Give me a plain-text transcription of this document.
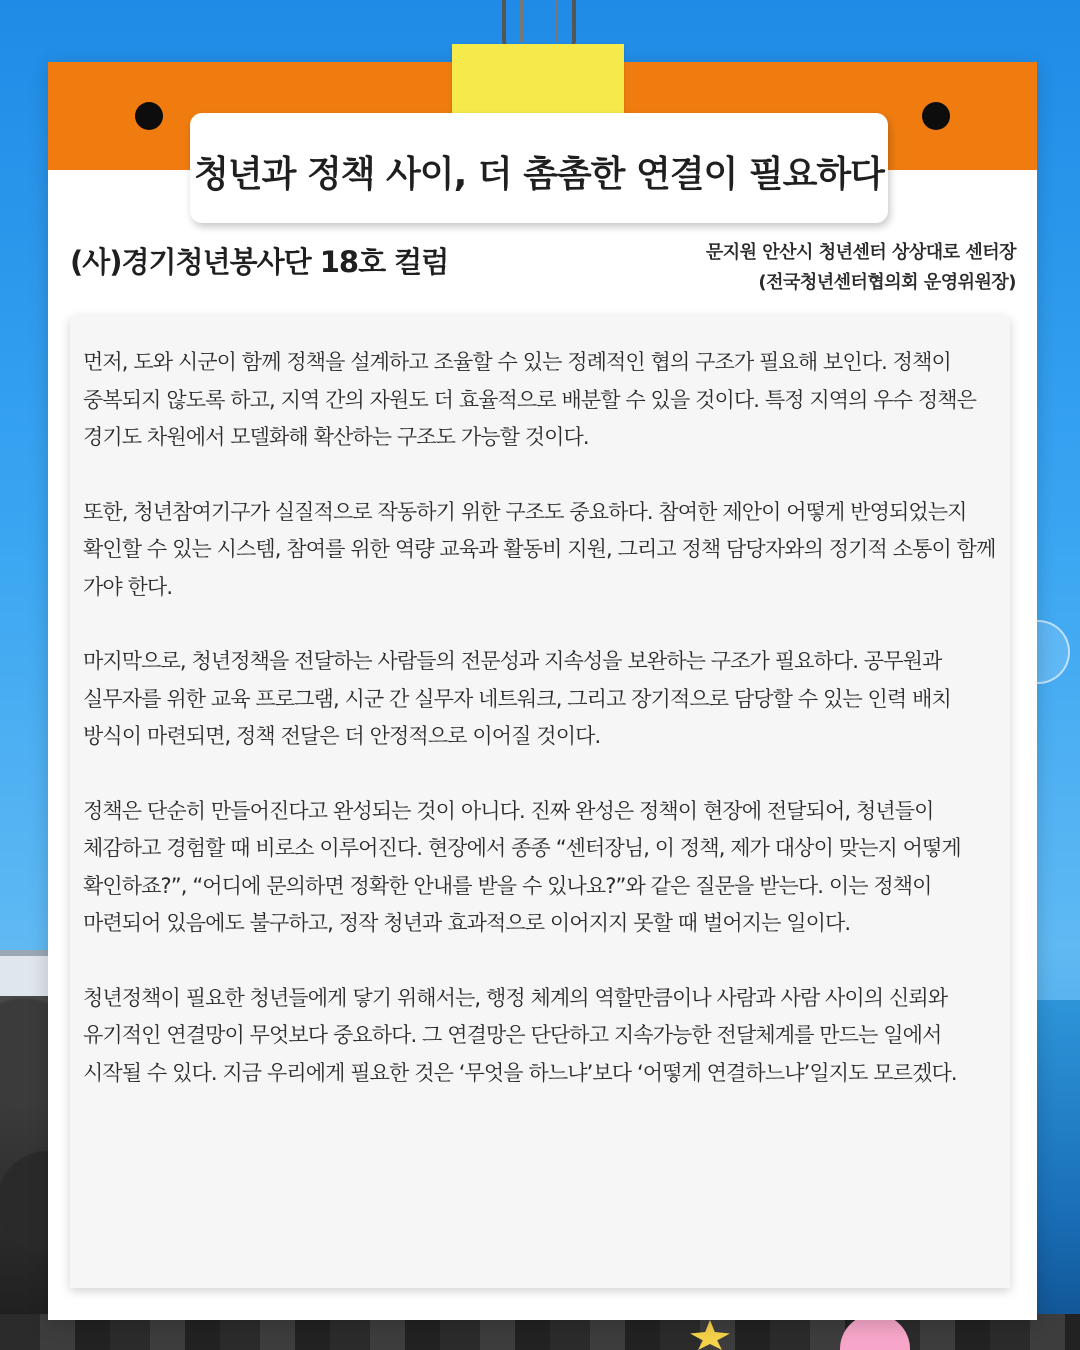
청년과 정책 사이, 더 촘촘한 연결이 필요하다
(사)경기청년봉사단 18호 컬럼	문지원 안산시 청년센터 상상대로 센터장
(전국청년센터협의회 운영위원장)

먼저, 도와 시군이 함께 정책을 설계하고 조율할 수 있는 정례적인 협의 구조가 필요해 보인다. 정책이 중복되지 않도록 하고, 지역 간의 자원도 더 효율적으로 배분할 수 있을 것이다. 특정 지역의 우수 정책은 경기도 차원에서 모델화해 확산하는 구조도 가능할 것이다.

또한, 청년참여기구가 실질적으로 작동하기 위한 구조도 중요하다. 참여한 제안이 어떻게 반영되었는지 확인할 수 있는 시스템, 참여를 위한 역량 교육과 활동비 지원, 그리고 정책 담당자와의 정기적 소통이 함께 가야 한다.

마지막으로, 청년정책을 전달하는 사람들의 전문성과 지속성을 보완하는 구조가 필요하다. 공무원과 실무자를 위한 교육 프로그램, 시군 간 실무자 네트워크, 그리고 장기적으로 담당할 수 있는 인력 배치 방식이 마련되면, 정책 전달은 더 안정적으로 이어질 것이다.

정책은 단순히 만들어진다고 완성되는 것이 아니다. 진짜 완성은 정책이 현장에 전달되어, 청년들이 체감하고 경험할 때 비로소 이루어진다. 현장에서 종종 “센터장님, 이 정책, 제가 대상이 맞는지 어떻게 확인하죠?”, “어디에 문의하면 정확한 안내를 받을 수 있나요?”와 같은 질문을 받는다. 이는 정책이 마련되어 있음에도 불구하고, 정작 청년과 효과적으로 이어지지 못할 때 벌어지는 일이다.

청년정책이 필요한 청년들에게 닿기 위해서는, 행정 체계의 역할만큼이나 사람과 사람 사이의 신뢰와 유기적인 연결망이 무엇보다 중요하다. 그 연결망은 단단하고 지속가능한 전달체계를 만드는 일에서 시작될 수 있다. 지금 우리에게 필요한 것은 ‘무엇을 하느냐’보다 ‘어떻게 연결하느냐’일지도 모르겠다.
